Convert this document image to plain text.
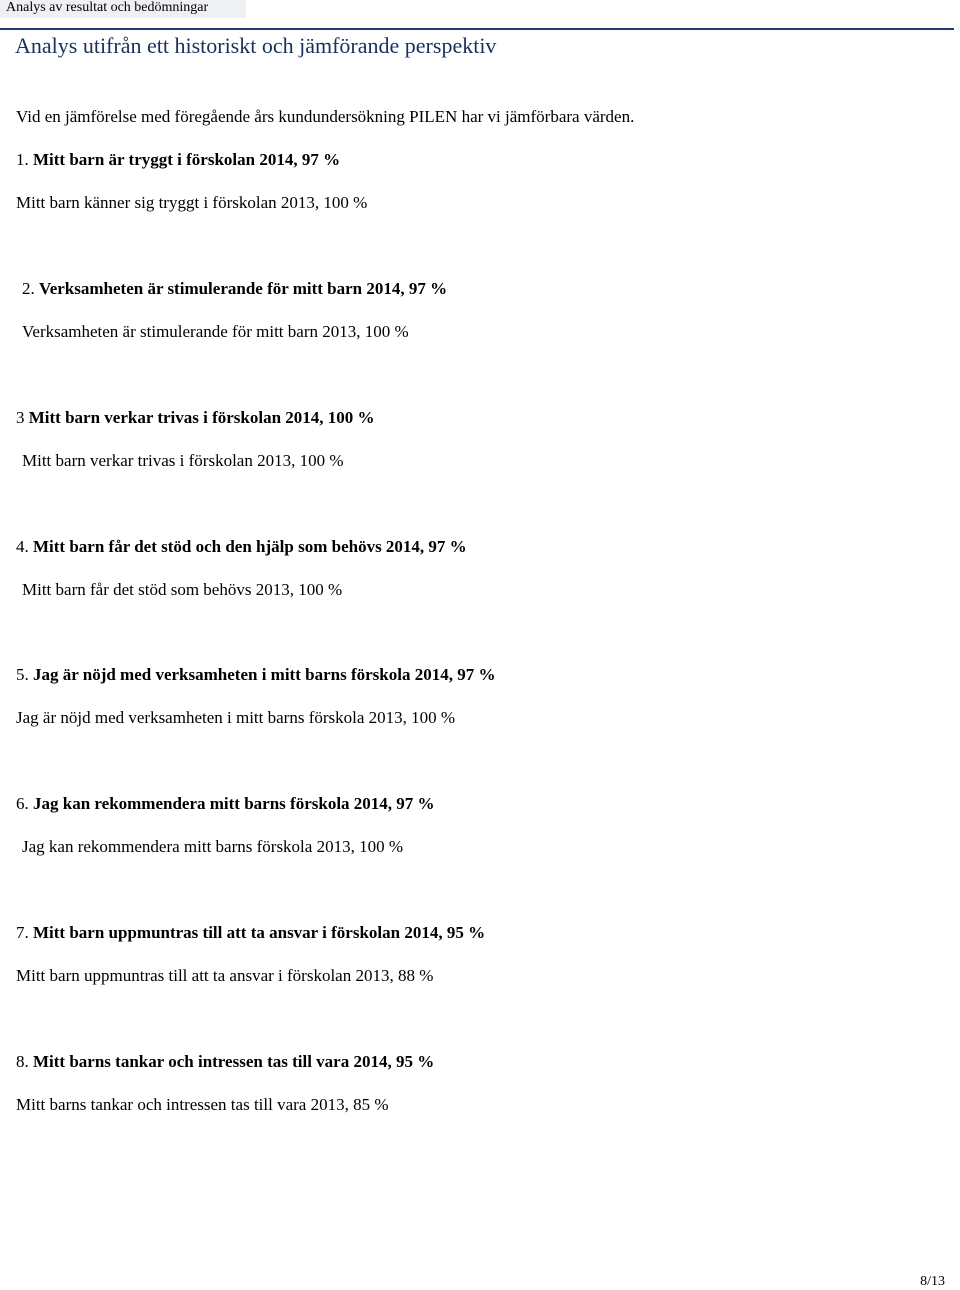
Analys av resultat och bedömningar
Analys utifrån ett historiskt och jämförande perspektiv
Vid en jämförelse med föregående års kundundersökning PILEN har vi jämförbara värden.
1. Mitt barn är tryggt i förskolan 2014, 97 %
Mitt barn känner sig tryggt i förskolan 2013, 100 %
2. Verksamheten är stimulerande för mitt barn 2014, 97 %
Verksamheten är stimulerande för mitt barn 2013, 100 %
3 Mitt barn verkar trivas i förskolan 2014, 100 %
Mitt barn verkar trivas i förskolan 2013, 100 %
4. Mitt barn får det stöd och den hjälp som behövs 2014, 97 %
Mitt barn får det stöd som behövs 2013, 100 %
5. Jag är nöjd med verksamheten i mitt barns förskola 2014, 97 %
Jag är nöjd med verksamheten i mitt barns förskola 2013, 100 %
6. Jag kan rekommendera mitt barns förskola 2014, 97 %
Jag kan rekommendera mitt barns förskola 2013, 100 %
7. Mitt barn uppmuntras till att ta ansvar i förskolan 2014, 95 %
Mitt barn uppmuntras till att ta ansvar i förskolan 2013, 88 %
8. Mitt barns tankar och intressen tas till vara 2014, 95 %
Mitt barns tankar och intressen tas till vara 2013, 85 %
8/13
